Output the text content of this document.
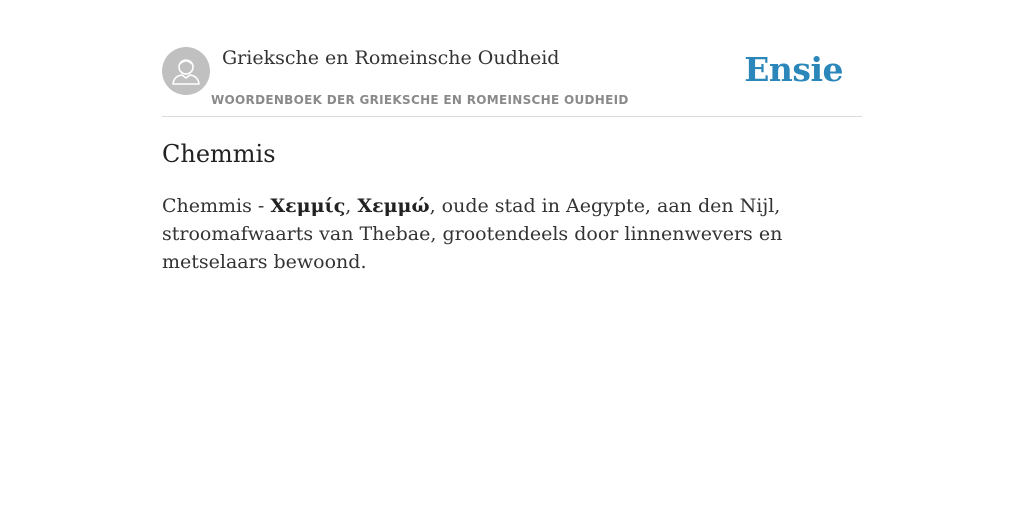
Grieksche en Romeinsche Oudheid
WOORDENBOEK DER GRIEKSCHE EN ROMEINSCHE OUDHEID
Ensie
Chemmis

Chemmis - Χεμμίς, Χεμμώ, oude stad in Aegypte, aan den Nijl, stroomafwaarts van Thebae, grootendeels door linnenwevers en metselaars bewoond.
